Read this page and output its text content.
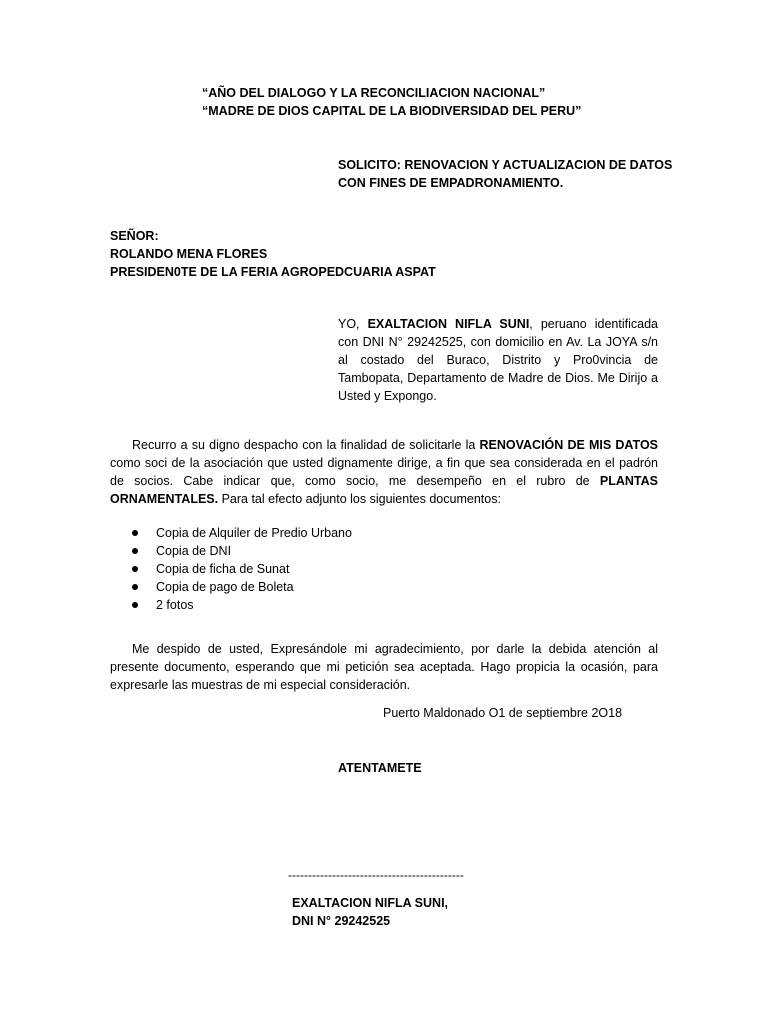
“AÑO DEL DIALOGO Y LA RECONCILIACION NACIONAL”
“MADRE DE DIOS CAPITAL DE LA BIODIVERSIDAD DEL PERU”
SOLICITO: RENOVACION Y ACTUALIZACION DE DATOS
CON FINES DE EMPADRONAMIENTO.
SEÑOR:
ROLANDO MENA FLORES
PRESIDEN0TE DE LA FERIA AGROPEDCUARIA ASPAT
YO, EXALTACION NIFLA SUNI, peruano identificada con DNI N° 29242525, con domicilio en Av. La JOYA s/n al costado del Buraco, Distrito y Pro0vincia de Tambopata, Departamento de Madre de Dios. Me Dirijo a Usted y Expongo.
Recurro a su digno despacho con la finalidad de solicitarle la RENOVACIÓN DE MIS DATOS como soci de la asociación que usted dignamente dirige, a fin que sea considerada en el padrón de socios. Cabe indicar que, como socio, me desempeño en el rubro de PLANTAS ORNAMENTALES. Para tal efecto adjunto los siguientes documentos:
Copia de Alquiler de Predio Urbano
Copia de DNI
Copia de ficha de Sunat
Copia de pago de Boleta
2 fotos
Me despido de usted, Expresándole mi agradecimiento, por darle la debida atención al presente documento, esperando que mi petición sea aceptada. Hago propicia la ocasión, para expresarle las muestras de mi especial consideración.
Puerto Maldonado O1 de septiembre 2O18
ATENTAMETE
--------------------------------------------
EXALTACION NIFLA SUNI,
DNI N° 29242525
